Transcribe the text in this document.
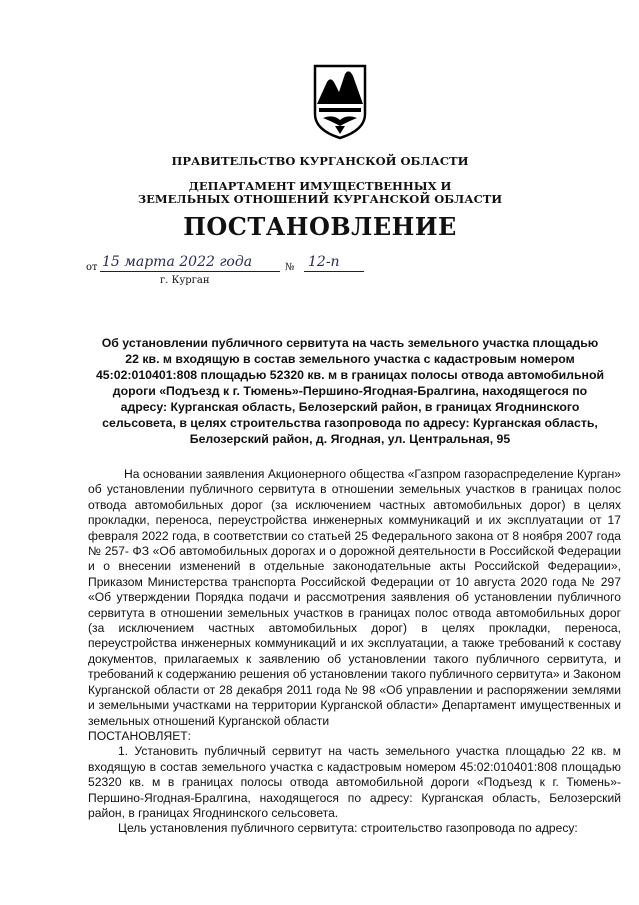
ПРАВИТЕЛЬСТВО КУРГАНСКОЙ ОБЛАСТИ
ДЕПАРТАМЕНТ ИМУЩЕСТВЕННЫХ И
ЗЕМЕЛЬНЫХ ОТНОШЕНИЙ КУРГАНСКОЙ ОБЛАСТИ
ПОСТАНОВЛЕНИЕ
от 15 марта 2022 года	№ 12-п
г. Курган
Об установлении публичного сервитута на часть земельного участка площадью
22 кв. м входящую в состав земельного участка с кадастровым номером
45:02:010401:808 площадью 52320 кв. м в границах полосы отвода автомобильной
дороги «Подъезд к г. Тюмень»-Першино-Ягодная-Бралгина, находящегося по
адресу: Курганская область, Белозерский район, в границах Ягоднинского
сельсовета, в целях строительства газопровода по адресу: Курганская область,
Белозерский район, д. Ягодная, ул. Центральная, 95

На основании заявления Акционерного общества «Газпром газораспределение Курган» об установлении публичного сервитута в отношении земельных участков в границах полос отвода автомобильных дорог (за исключением частных автомобильных дорог) в целях прокладки, переноса, переустройства инженерных коммуникаций и их эксплуатации от 17 февраля 2022 года, в соответствии со статьей 25 Федерального закона от 8 ноября 2007 года № 257- ФЗ «Об автомобильных дорогах и о дорожной деятельности в Российской Федерации и о внесении изменений в отдельные законодательные акты Российской Федерации», Приказом Министерства транспорта Российской Федерации от 10 августа 2020 года № 297 «Об утверждении Порядка подачи и рассмотрения заявления об установлении публичного сервитута в отношении земельных участков в границах полос отвода автомобильных дорог (за исключением частных автомобильных дорог) в целях прокладки, переноса, переустройства инженерных коммуникаций и их эксплуатации, а также требований к составу документов, прилагаемых к заявлению об установлении такого публичного сервитута, и требований к содержанию решения об установлении такого публичного сервитута» и Законом Курганской области от 28 декабря 2011 года № 98 «Об управлении и распоряжении землями и земельными участками на территории Курганской области» Департамент имущественных и земельных отношений Курганской области

ПОСТАНОВЛЯЕТ:

1. Установить публичный сервитут на часть земельного участка площадью 22 кв. м входящую в состав земельного участка с кадастровым номером 45:02:010401:808 площадью 52320 кв. м в границах полосы отвода автомобильной дороги «Подъезд к г. Тюмень»-Першино-Ягодная-Бралгина, находящегося по адресу: Курганская область, Белозерский район, в границах Ягоднинского сельсовета.

Цель установления публичного сервитута: строительство газопровода по адресу:
